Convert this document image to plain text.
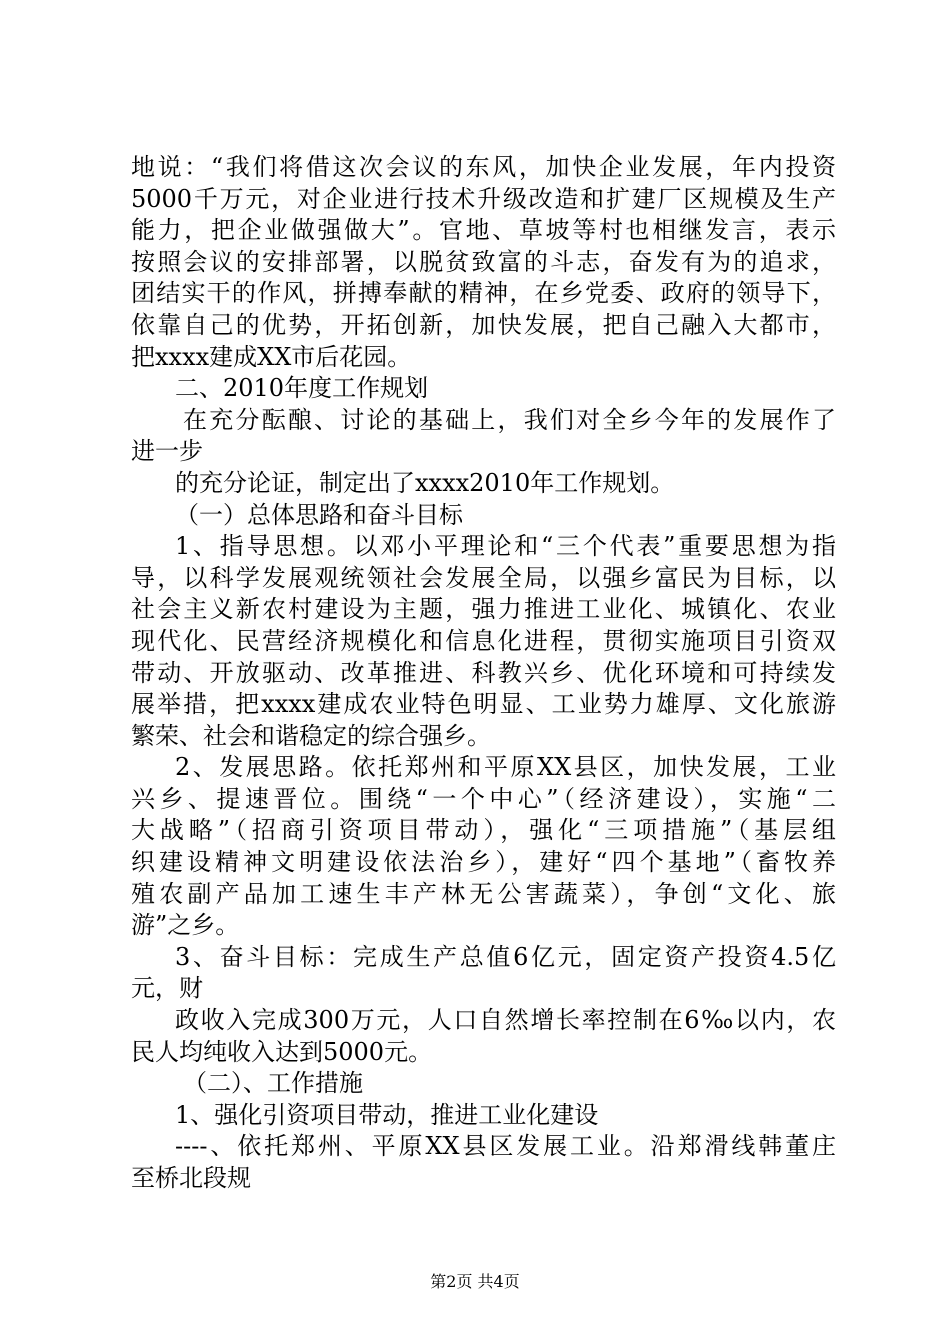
地说：“我们将借这次会议的东风，加快企业发展，年内投资
5000千万元，对企业进行技术升级改造和扩建厂区规模及生产
能力，把企业做强做大”。官地、草坡等村也相继发言，表示
按照会议的安排部署，以脱贫致富的斗志，奋发有为的追求，
团结实干的作风，拼搏奉献的精神，在乡党委、政府的领导下，
依靠自己的优势，开拓创新，加快发展，把自己融入大都市，
把xxxx建成XX市后花园。
二、2010年度工作规划
在充分酝酿、讨论的基础上，我们对全乡今年的发展作了
进一步
的充分论证，制定出了xxxx2010年工作规划。
（一）总体思路和奋斗目标
1、指导思想。以邓小平理论和“三个代表”重要思想为指
导，以科学发展观统领社会发展全局，以强乡富民为目标，以
社会主义新农村建设为主题，强力推进工业化、城镇化、农业
现代化、民营经济规模化和信息化进程，贯彻实施项目引资双
带动、开放驱动、改革推进、科教兴乡、优化环境和可持续发
展举措，把xxxx建成农业特色明显、工业势力雄厚、文化旅游
繁荣、社会和谐稳定的综合强乡。
2、发展思路。依托郑州和平原XX县区，加快发展，工业
兴乡、提速晋位。围绕“一个中心”（经济建设），实施“二
大战略”（招商引资项目带动），强化“三项措施”（基层组
织建设精神文明建设依法治乡），建好“四个基地”（畜牧养
殖农副产品加工速生丰产林无公害蔬菜），争创“文化、旅
游”之乡。
3、奋斗目标：完成生产总值6亿元，固定资产投资4.5亿
元，财
政收入完成300万元，人口自然增长率控制在6‰以内，农
民人均纯收入达到5000元。
（二）、工作措施
1、强化引资项目带动，推进工业化建设
----、依托郑州、平原XX县区发展工业。沿郑滑线韩董庄
至桥北段规
第2页 共4页
